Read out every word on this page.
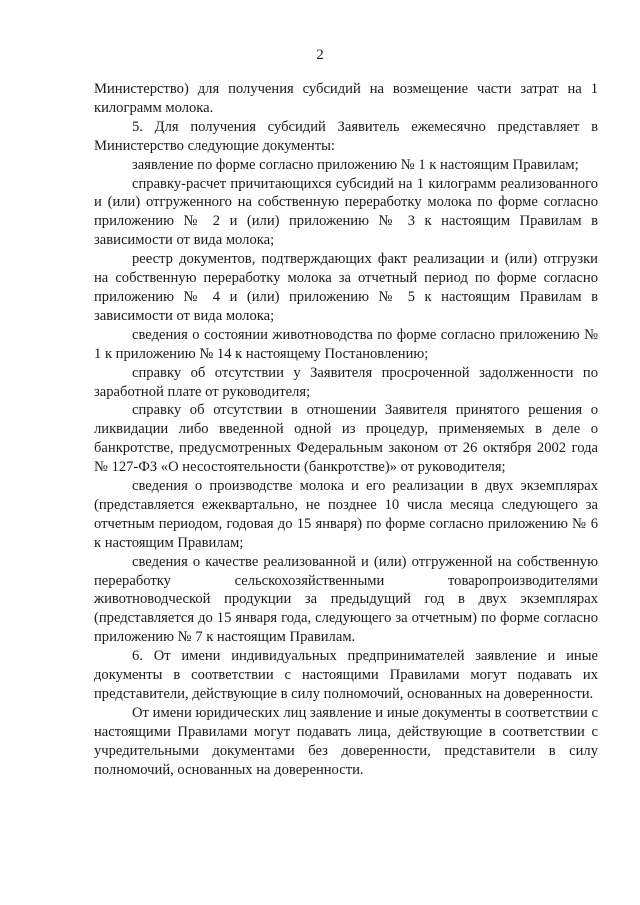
2

Министерство) для получения субсидий на возмещение части затрат на 1 килограмм молока.

5. Для получения субсидий Заявитель ежемесячно представляет в Министерство следующие документы:

заявление по форме согласно приложению № 1 к настоящим Правилам;

справку-расчет причитающихся субсидий на 1 килограмм реализованного и (или) отгруженного на собственную переработку молока по форме согласно приложению № 2 и (или) приложению № 3 к настоящим Правилам в зависимости от вида молока;

реестр документов, подтверждающих факт реализации и (или) отгрузки на собственную переработку молока за отчетный период по форме согласно приложению № 4 и (или) приложению № 5 к настоящим Правилам в зависимости от вида молока;

сведения о состоянии животноводства по форме согласно приложению № 1 к приложению № 14 к настоящему Постановлению;

справку об отсутствии у Заявителя просроченной задолженности по заработной плате от руководителя;

справку об отсутствии в отношении Заявителя принятого решения о ликвидации либо введенной одной из процедур, применяемых в деле о банкротстве, предусмотренных Федеральным законом от 26 октября 2002 года № 127-ФЗ «О несостоятельности (банкротстве)» от руководителя;

сведения о производстве молока и его реализации в двух экземплярах (представляется ежеквартально, не позднее 10 числа месяца следующего за отчетным периодом, годовая до 15 января) по форме согласно приложению № 6 к настоящим Правилам;

сведения о качестве реализованной и (или) отгруженной на собственную переработку сельскохозяйственными товаропроизводителями животноводческой продукции за предыдущий год в двух экземплярах (представляется до 15 января года, следующего за отчетным) по форме согласно приложению № 7 к настоящим Правилам.

6. От имени индивидуальных предпринимателей заявление и иные документы в соответствии с настоящими Правилами могут подавать их представители, действующие в силу полномочий, основанных на доверенности.

От имени юридических лиц заявление и иные документы в соответствии с настоящими Правилами могут подавать лица, действующие в соответствии с учредительными документами без доверенности, представители в силу полномочий, основанных на доверенности.
